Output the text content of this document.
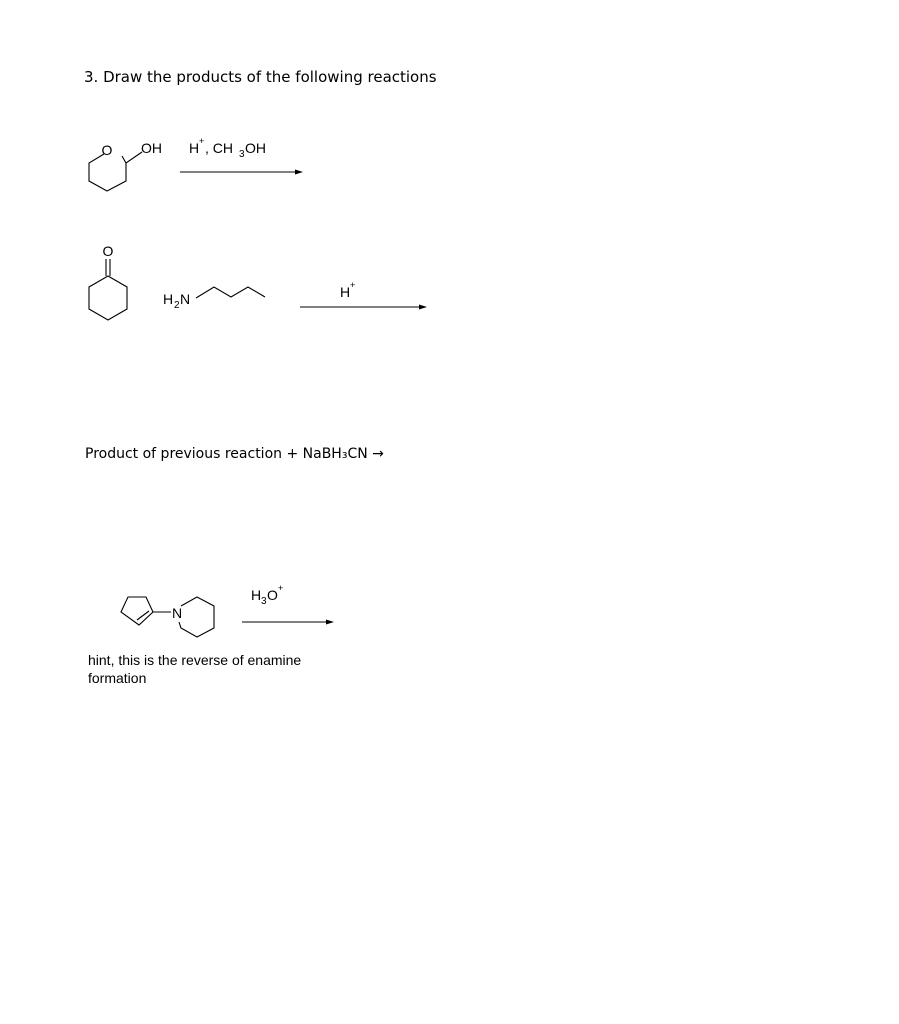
3. Draw the products of the following reactions
O OH H + , CH 3 OH
O
H 2 N	H +
N
H 3 O +
Product of previous reaction + NaBH₃CN →
hint, this is the reverse of enamine formation
